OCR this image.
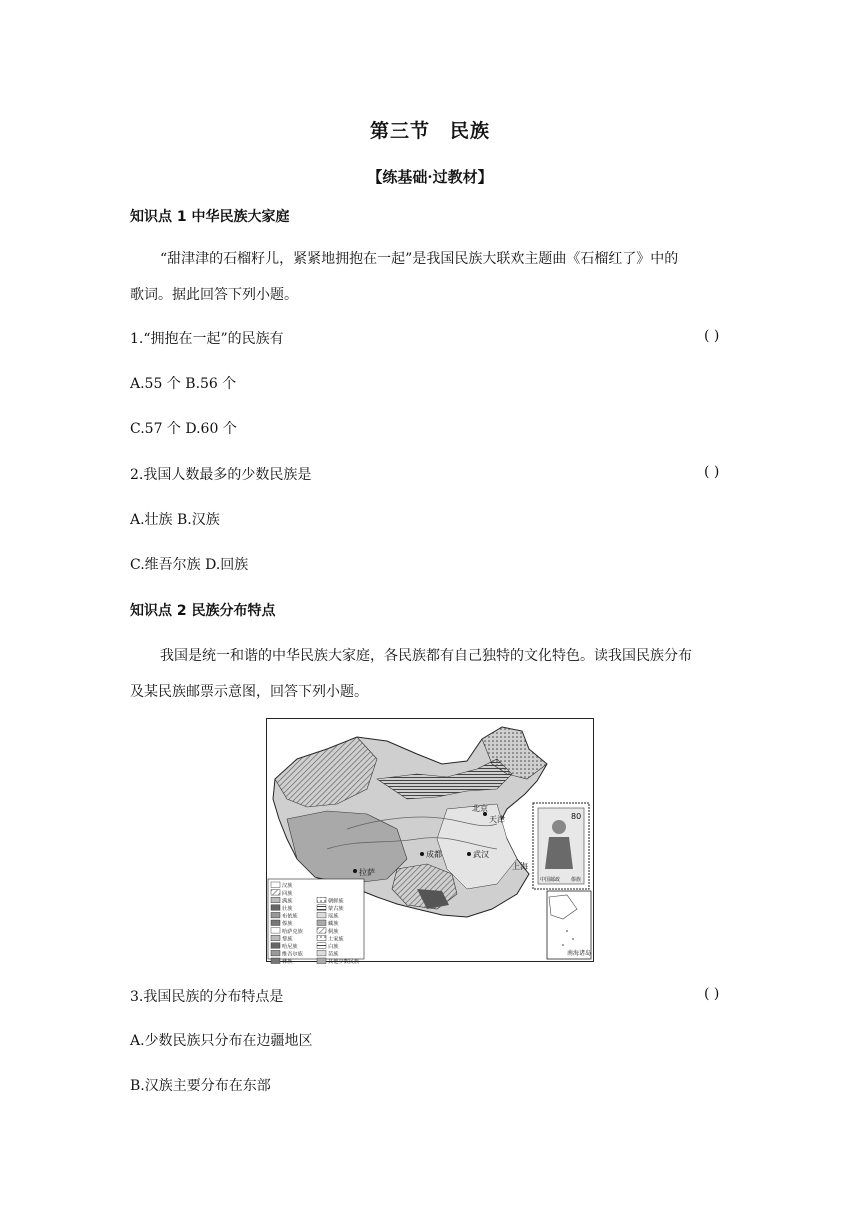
第三节　民族
【练基础·过教材】
知识点 1 中华民族大家庭
“甜津津的石榴籽儿，紧紧地拥抱在一起”是我国民族大联欢主题曲《石榴红了》中的
歌词。据此回答下列小题。
1.“拥抱在一起”的民族有	( )
A.55 个 B.56 个
C.57 个 D.60 个
2.我国人数最多的少数民族是	( )
A.壮族 B.汉族
C.维吾尔族 D.回族
知识点 2 民族分布特点
我国是统一和谐的中华民族大家庭，各民族都有自己独特的文化特色。读我国民族分布
及某民族邮票示意图，回答下列小题。
北京
天津
拉萨
成都	武汉
上海
80
中国邮政 傣族
南海诸岛
汉族
回族
满族	朝鲜族
壮族	蒙古族
布依族	瑶族
傣族	藏族
哈萨克族	侗族
黎族	土家族
哈尼族	白族
维吾尔族	苗族
彝族	其他少数民族
3.我国民族的分布特点是	( )
A.少数民族只分布在边疆地区
B.汉族主要分布在东部
